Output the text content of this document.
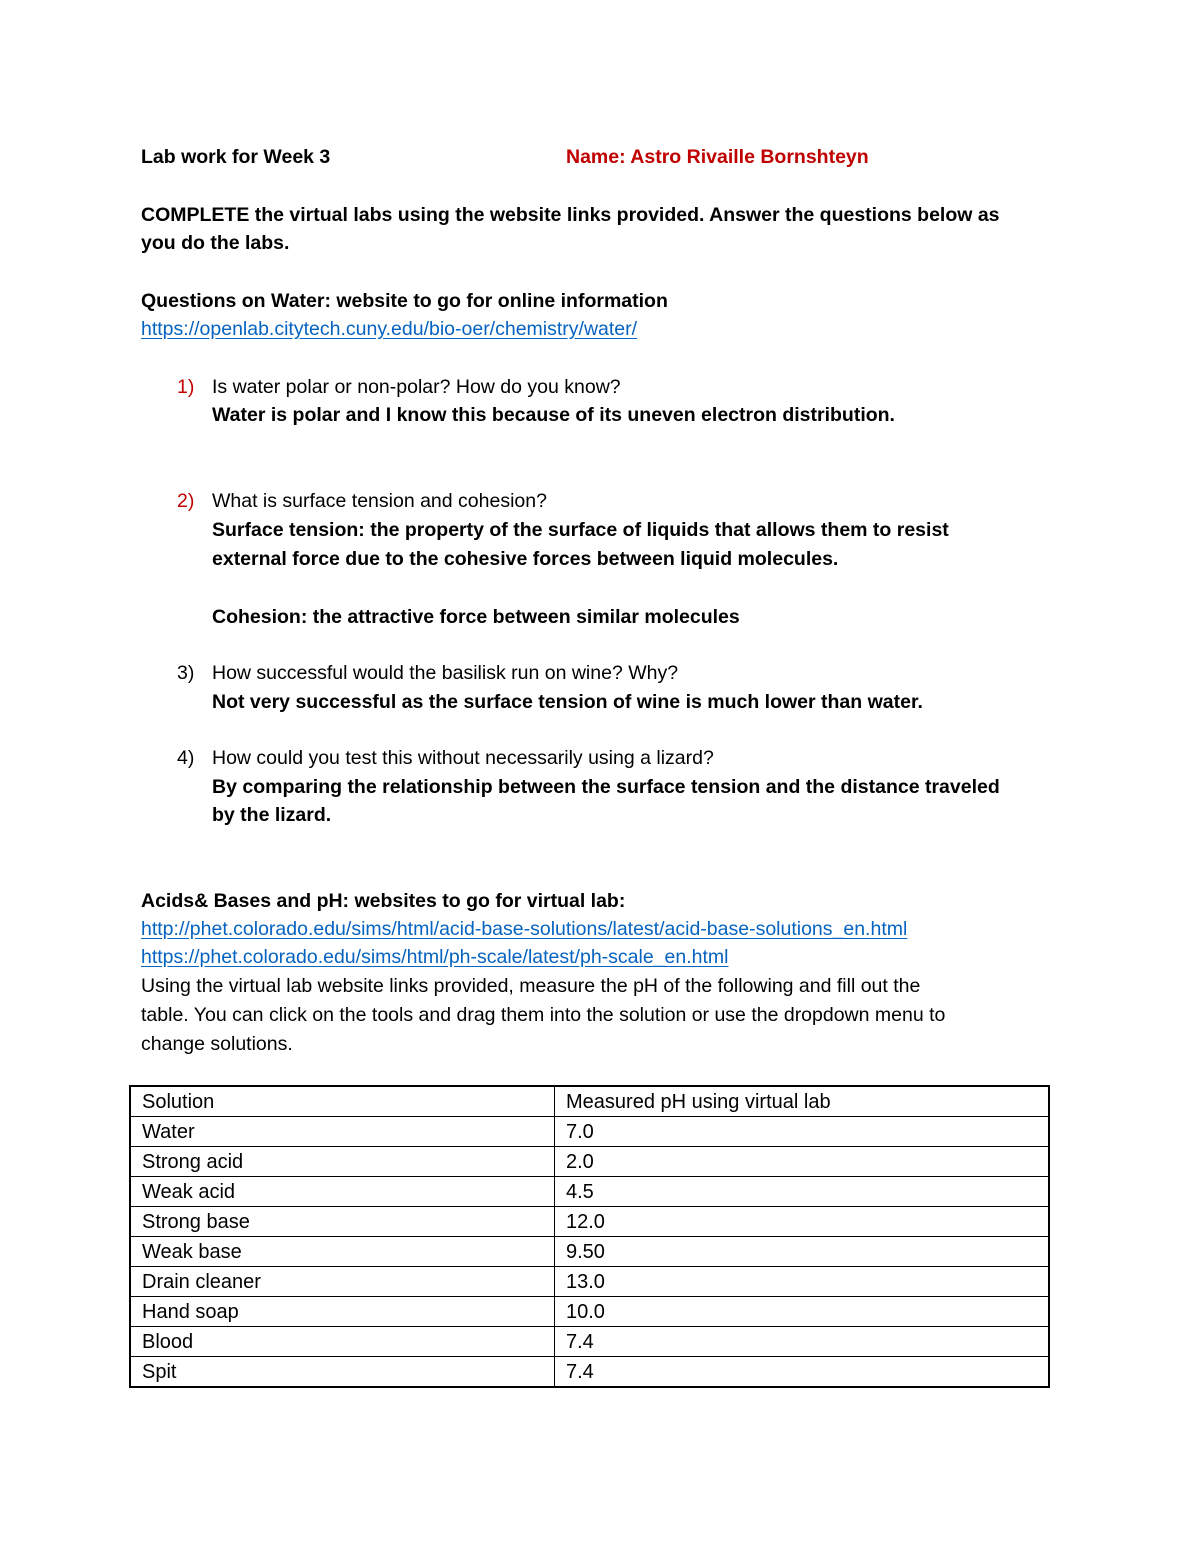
Lab work for Week 3	Name: Astro Rivaille Bornshteyn
COMPLETE the virtual labs using the website links provided. Answer the questions below as
you do the labs.
Questions on Water: website to go for online information
https://openlab.citytech.cuny.edu/bio-oer/chemistry/water/
1) Is water polar or non-polar? How do you know?
Water is polar and I know this because of its uneven electron distribution.
2) What is surface tension and cohesion?
Surface tension: the property of the surface of liquids that allows them to resist
external force due to the cohesive forces between liquid molecules.
Cohesion: the attractive force between similar molecules
3) How successful would the basilisk run on wine? Why?
Not very successful as the surface tension of wine is much lower than water.
4) How could you test this without necessarily using a lizard?
By comparing the relationship between the surface tension and the distance traveled
by the lizard.
Acids& Bases and pH: websites to go for virtual lab:
http://phet.colorado.edu/sims/html/acid-base-solutions/latest/acid-base-solutions_en.html
https://phet.colorado.edu/sims/html/ph-scale/latest/ph-scale_en.html
Using the virtual lab website links provided, measure the pH of the following and fill out the
table. You can click on the tools and drag them into the solution or use the dropdown menu to
change solutions.
Solution	Measured pH using virtual lab
Water	7.0
Strong acid	2.0
Weak acid	4.5
Strong base	12.0
Weak base	9.50
Drain cleaner	13.0
Hand soap	10.0
Blood	7.4
Spit	7.4
